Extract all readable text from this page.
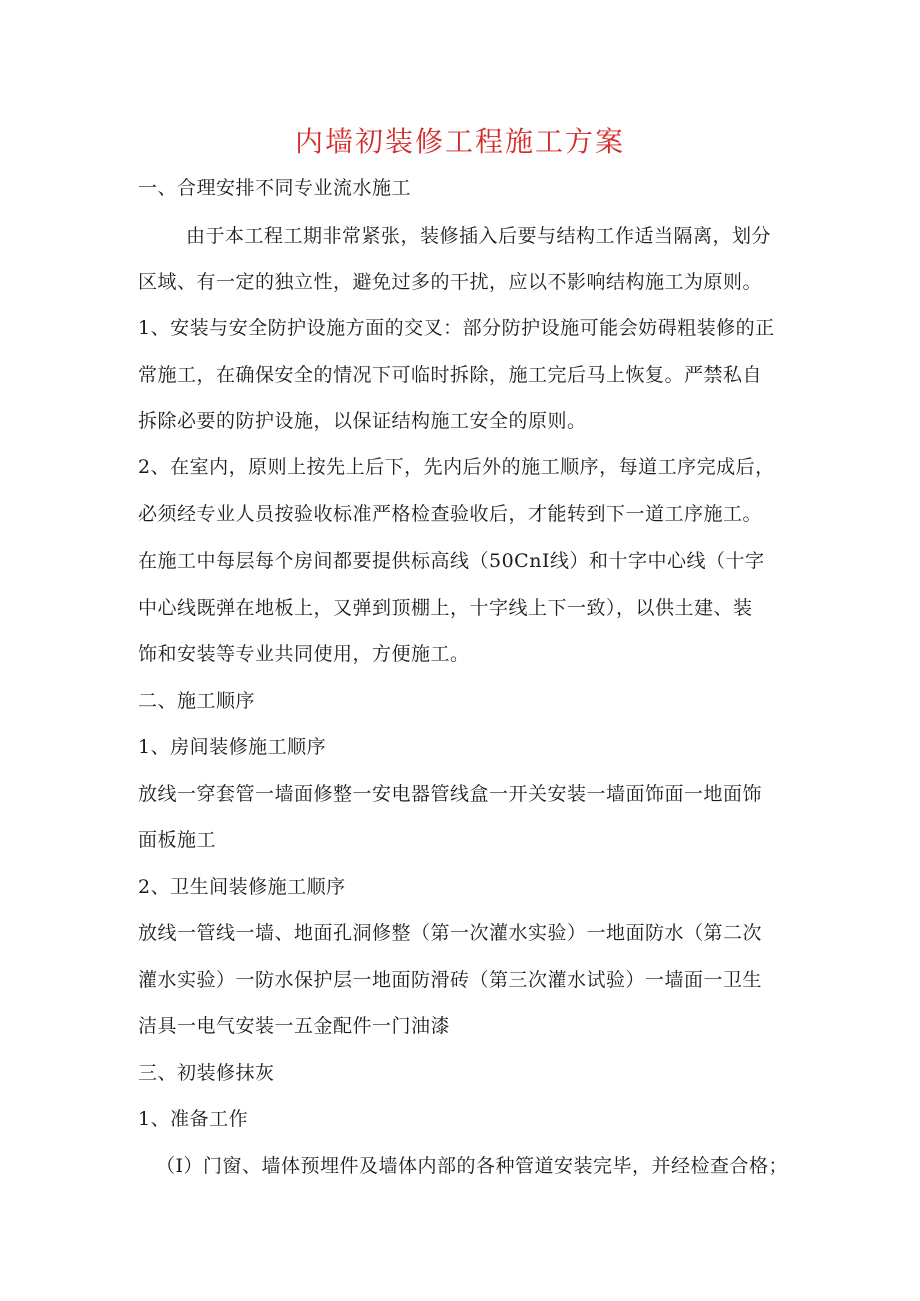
内墙初装修工程施工方案
一、合理安排不同专业流水施工
由于本工程工期非常紧张，装修插入后要与结构工作适当隔离，划分
区域、有一定的独立性，避免过多的干扰，应以不影响结构施工为原则。
1、安装与安全防护设施方面的交叉：部分防护设施可能会妨碍粗装修的正
常施工，在确保安全的情况下可临时拆除，施工完后马上恢复。严禁私自
拆除必要的防护设施，以保证结构施工安全的原则。
2、在室内，原则上按先上后下，先内后外的施工顺序，每道工序完成后，
必须经专业人员按验收标准严格检查验收后，才能转到下一道工序施工。
在施工中每层每个房间都要提供标高线（50CnI线）和十字中心线（十字
中心线既弹在地板上，又弹到顶棚上，十字线上下一致），以供土建、装
饰和安装等专业共同使用，方便施工。
二、施工顺序
1、房间装修施工顺序
放线一穿套管一墙面修整一安电器管线盒一开关安装一墙面饰面一地面饰
面板施工
2、卫生间装修施工顺序
放线一管线一墙、地面孔洞修整（第一次灌水实验）一地面防水（第二次
灌水实验）一防水保护层一地面防滑砖（第三次灌水试验）一墙面一卫生
洁具一电气安装一五金配件一门油漆
三、初装修抹灰
1、准备工作
（I）门窗、墙体预埋件及墙体内部的各种管道安装完毕，并经检查合格；
